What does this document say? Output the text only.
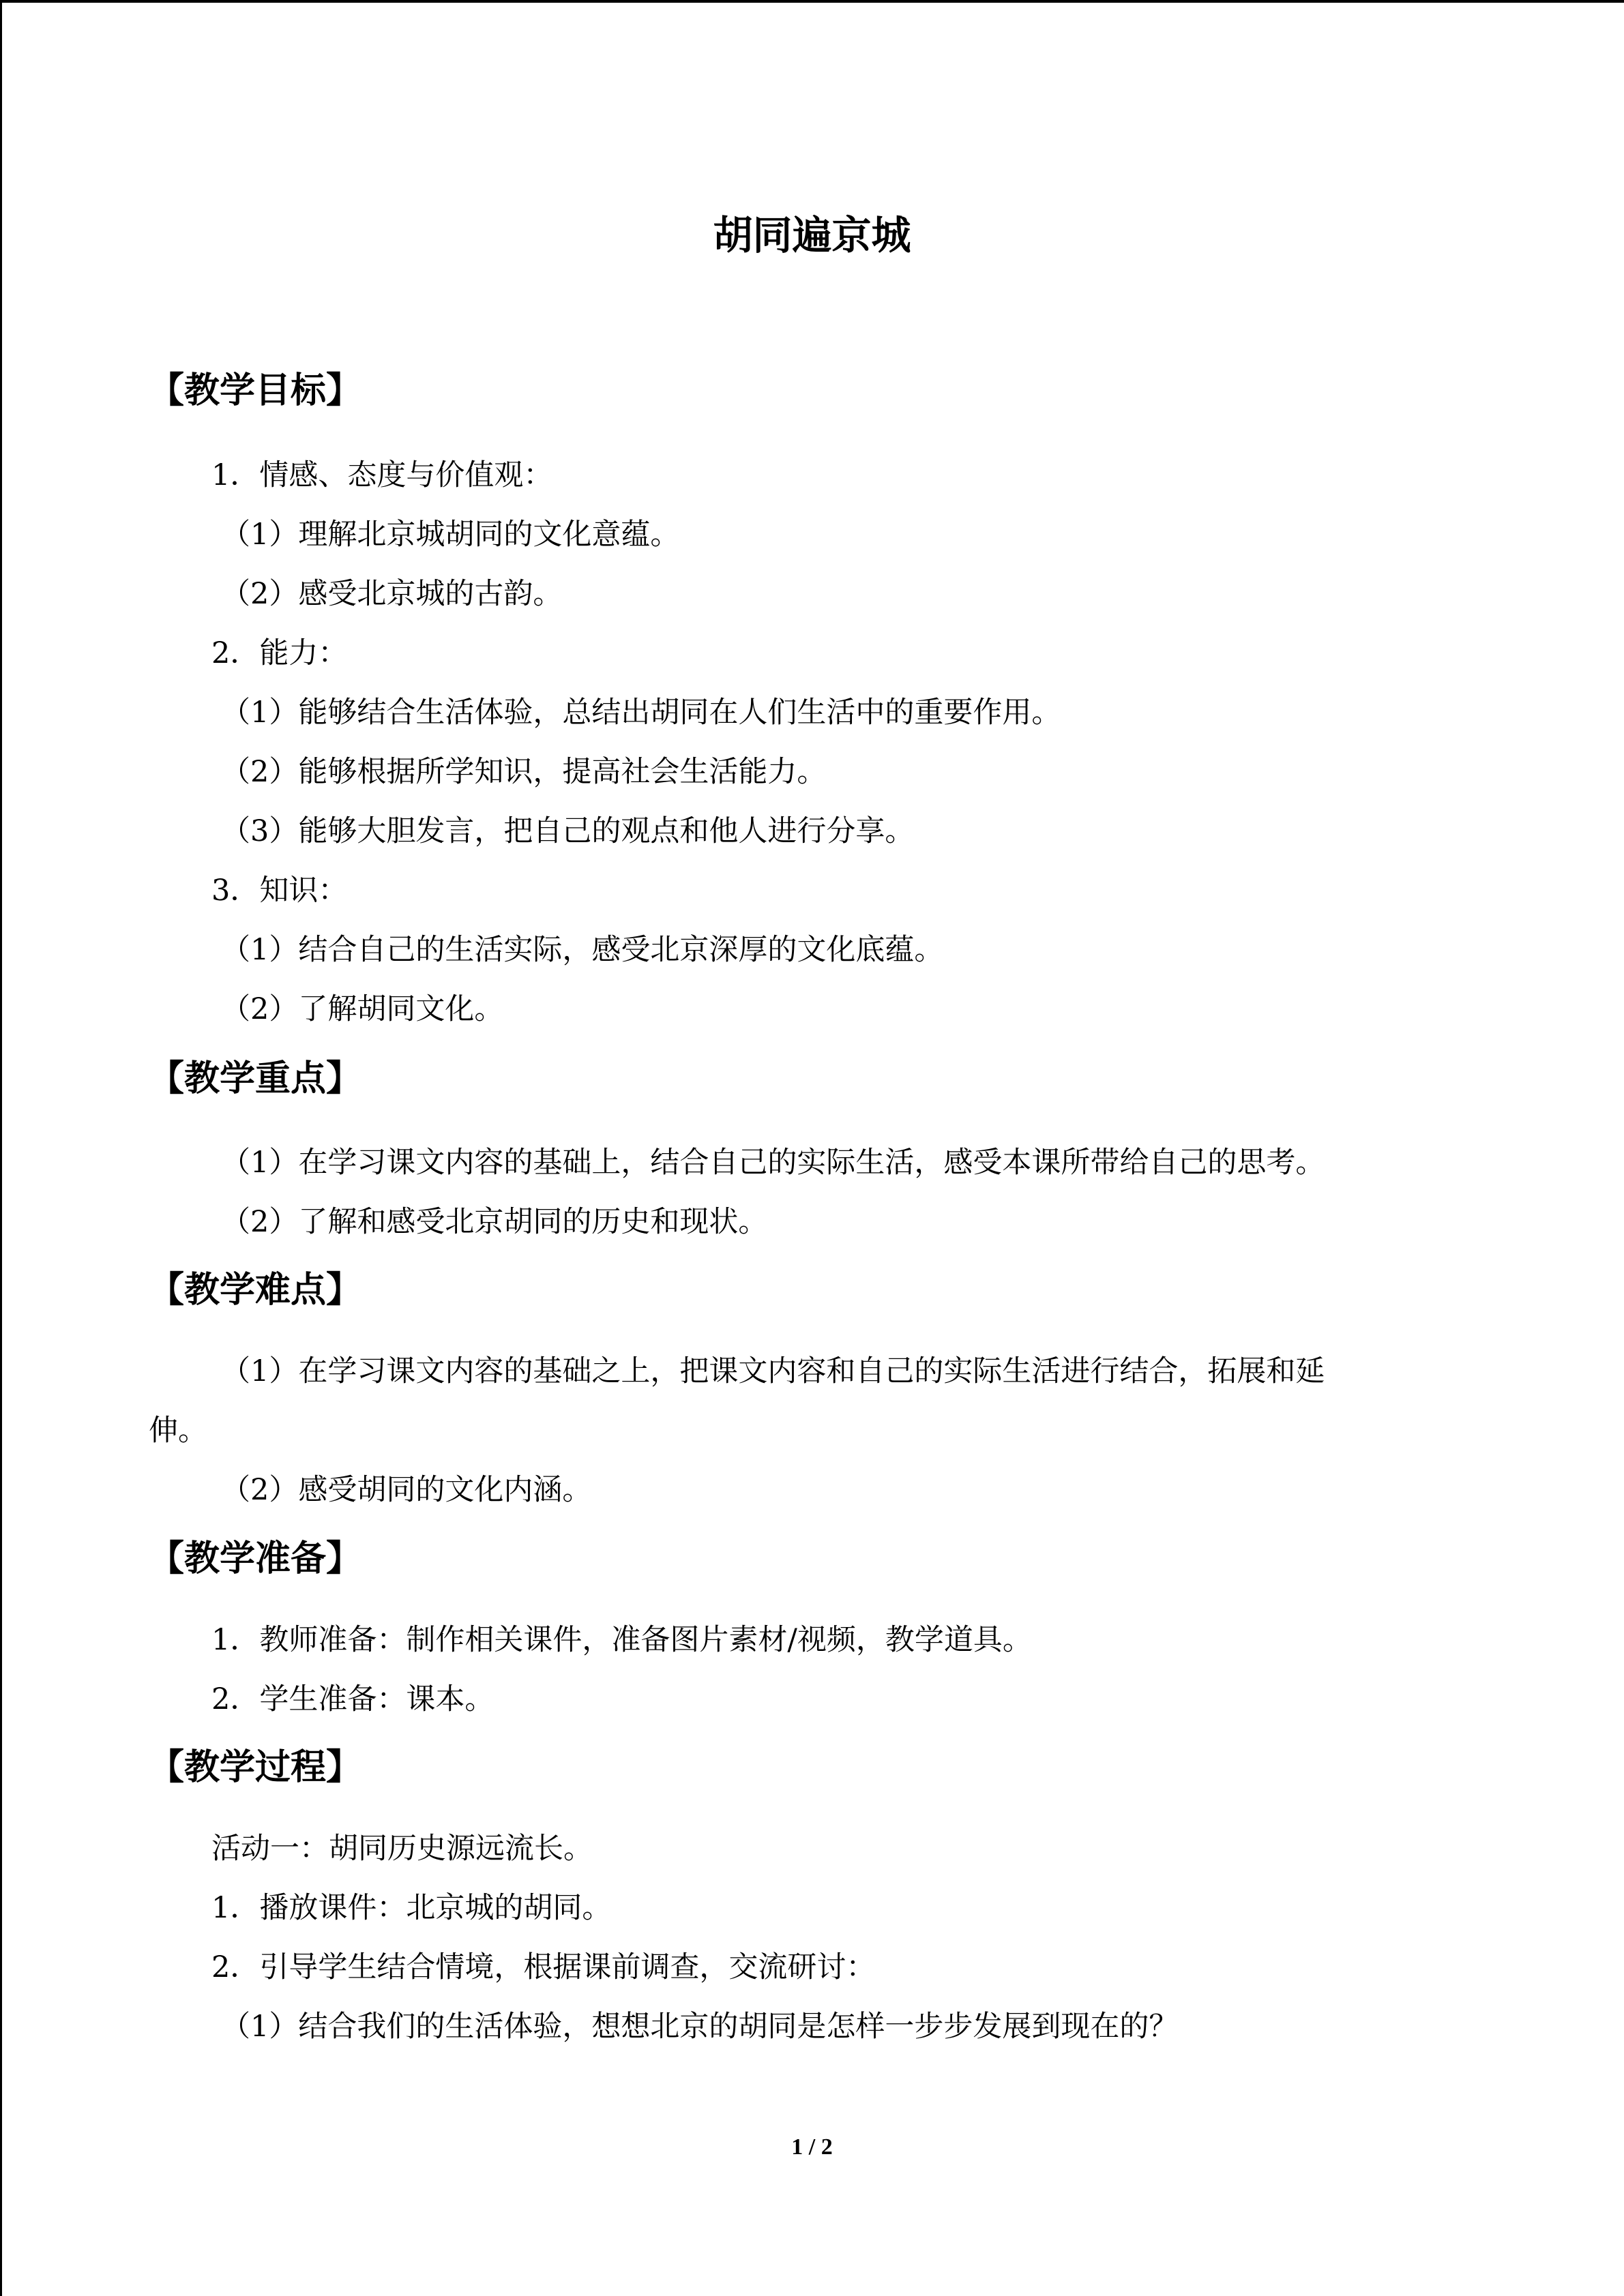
胡同遍京城
【教学目标】
1．情感、态度与价值观：
（1）理解北京城胡同的文化意蕴。
（2）感受北京城的古韵。
2．能力：
（1）能够结合生活体验，总结出胡同在人们生活中的重要作用。
（2）能够根据所学知识，提高社会生活能力。
（3）能够大胆发言，把自己的观点和他人进行分享。
3．知识：
（1）结合自己的生活实际，感受北京深厚的文化底蕴。
（2）了解胡同文化。
【教学重点】
（1）在学习课文内容的基础上，结合自己的实际生活，感受本课所带给自己的思考。
（2）了解和感受北京胡同的历史和现状。
【教学难点】
（1）在学习课文内容的基础之上，把课文内容和自己的实际生活进行结合，拓展和延
伸。
（2）感受胡同的文化内涵。
【教学准备】
1．教师准备：制作相关课件，准备图片素材/视频，教学道具。
2．学生准备：课本。
【教学过程】
活动一：胡同历史源远流长。
1．播放课件：北京城的胡同。
2．引导学生结合情境，根据课前调查，交流研讨：
（1）结合我们的生活体验，想想北京的胡同是怎样一步步发展到现在的？
1 / 2
